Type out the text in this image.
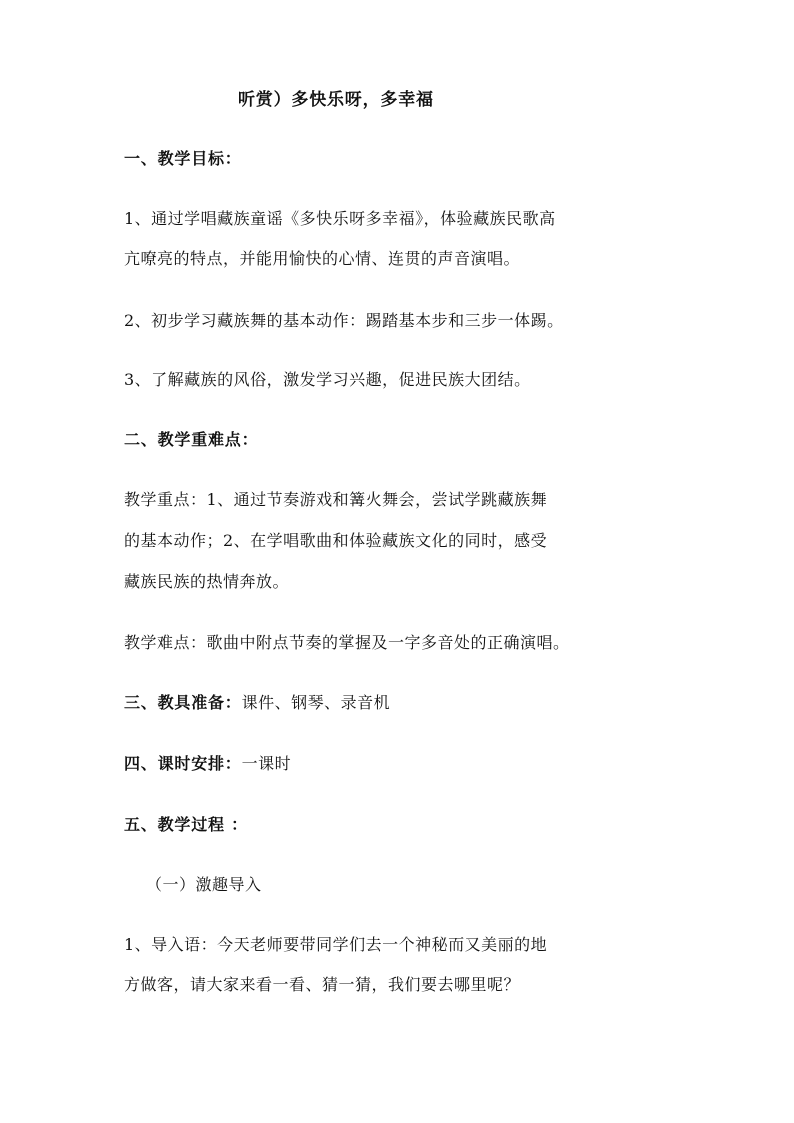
听赏）多快乐呀，多幸福
一、教学目标：
1、通过学唱藏族童谣《多快乐呀多幸福》，体验藏族民歌高
亢嘹亮的特点，并能用愉快的心情、连贯的声音演唱。
2、初步学习藏族舞的基本动作：踢踏基本步和三步一体踢。
3、了解藏族的风俗，激发学习兴趣，促进民族大团结。
二、教学重难点：
教学重点：1、通过节奏游戏和篝火舞会，尝试学跳藏族舞
的基本动作；2、在学唱歌曲和体验藏族文化的同时，感受
藏族民族的热情奔放。
教学难点：歌曲中附点节奏的掌握及一字多音处的正确演唱。
三、教具准备：课件、钢琴、录音机
四、课时安排：一课时
五、教学过程 ：
（一）激趣导入
1、导入语：今天老师要带同学们去一个神秘而又美丽的地
方做客，请大家来看一看、猜一猜，我们要去哪里呢？
